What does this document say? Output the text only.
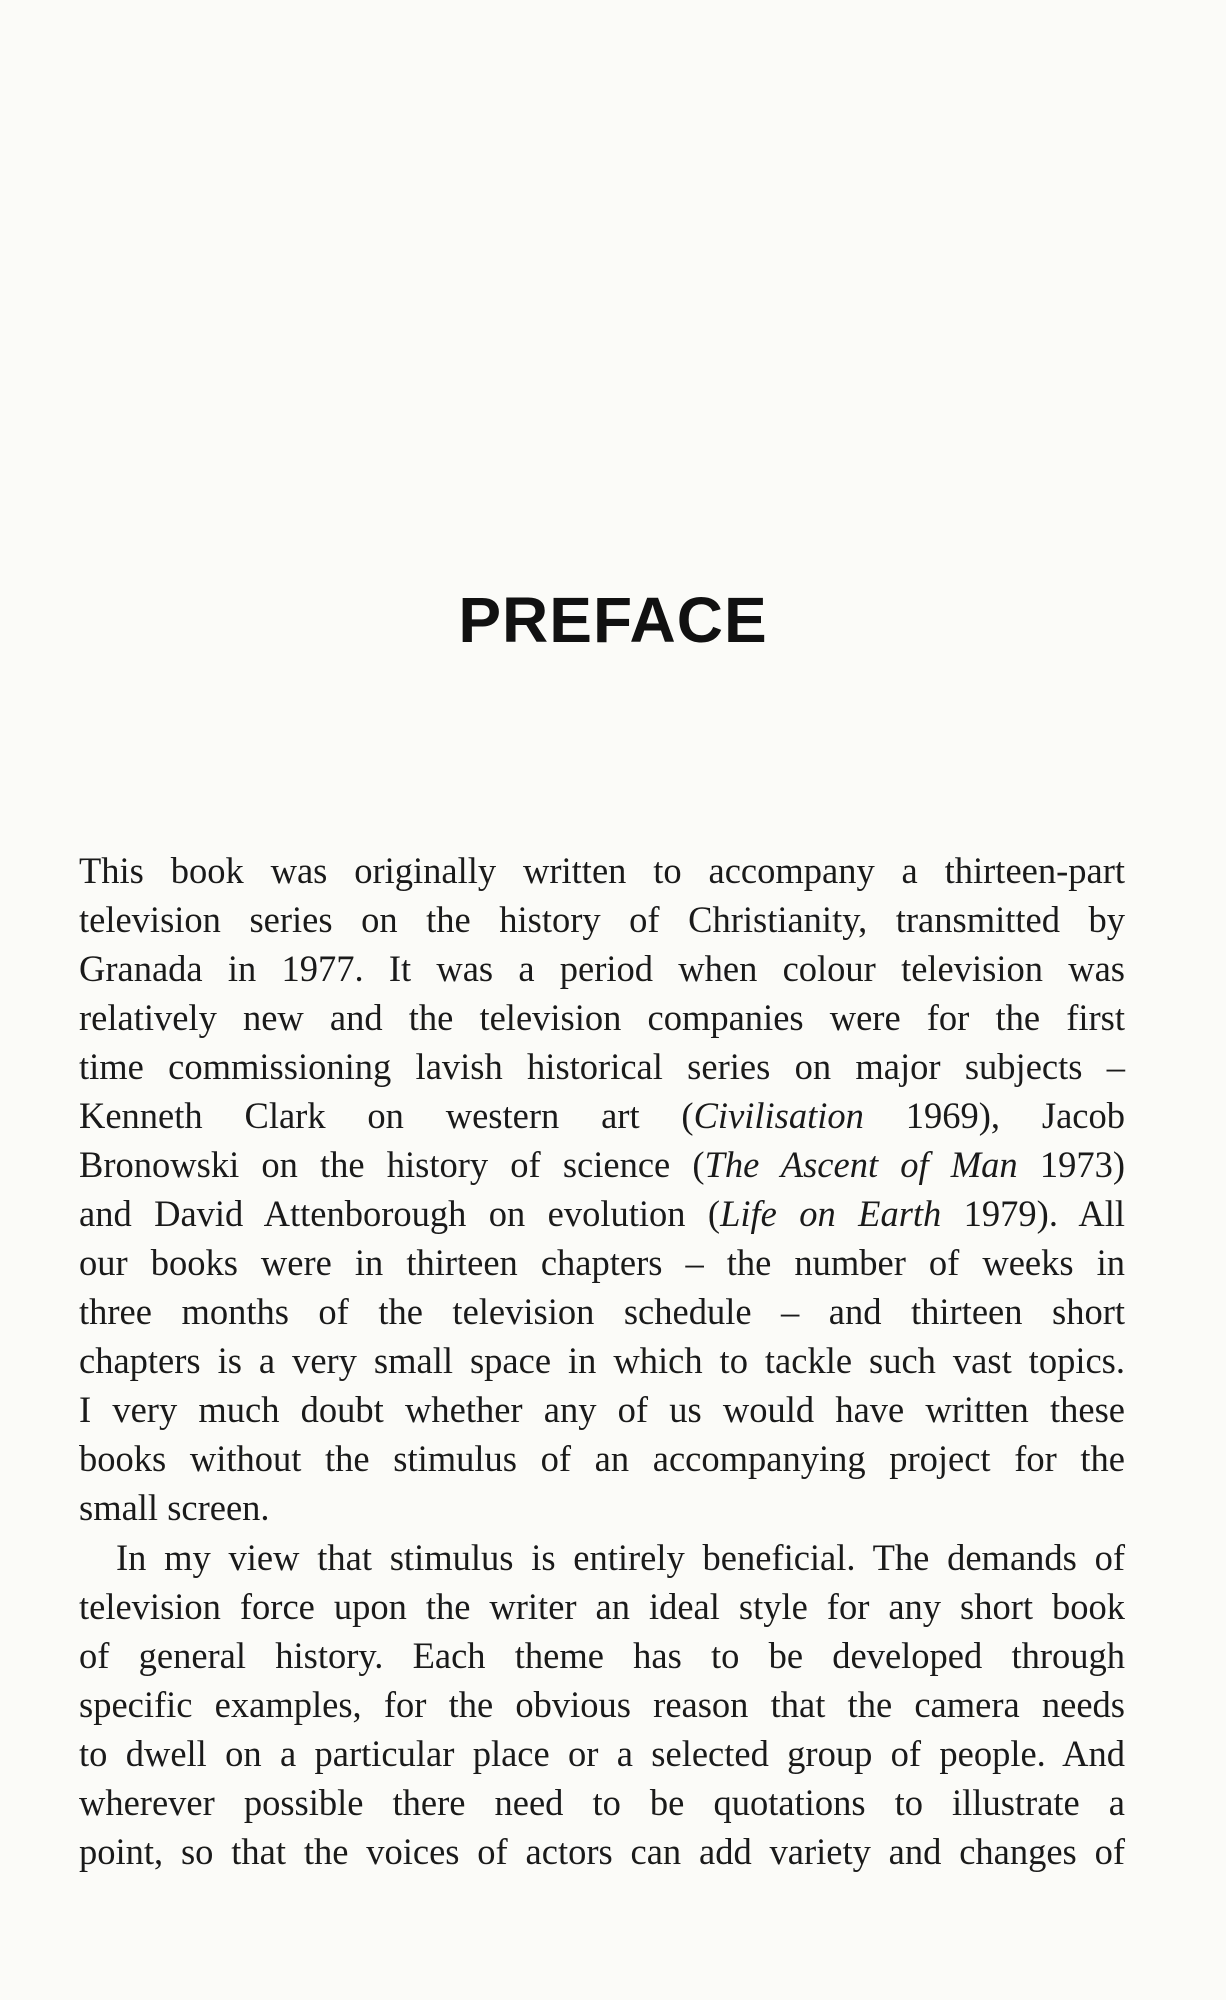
PREFACE
This book was originally written to accompany a thirteen-part
television series on the history of Christianity, transmitted by
Granada in 1977. It was a period when colour television was
relatively new and the television companies were for the first
time commissioning lavish historical series on major subjects –
Kenneth Clark on western art (Civilisation 1969), Jacob
Bronowski on the history of science (The Ascent of Man 1973)
and David Attenborough on evolution (Life on Earth 1979). All
our books were in thirteen chapters – the number of weeks in
three months of the television schedule – and thirteen short
chapters is a very small space in which to tackle such vast topics.
I very much doubt whether any of us would have written these
books without the stimulus of an accompanying project for the
small screen.
In my view that stimulus is entirely beneficial. The demands of
television force upon the writer an ideal style for any short book
of general history. Each theme has to be developed through
specific examples, for the obvious reason that the camera needs
to dwell on a particular place or a selected group of people. And
wherever possible there need to be quotations to illustrate a
point, so that the voices of actors can add variety and changes of
